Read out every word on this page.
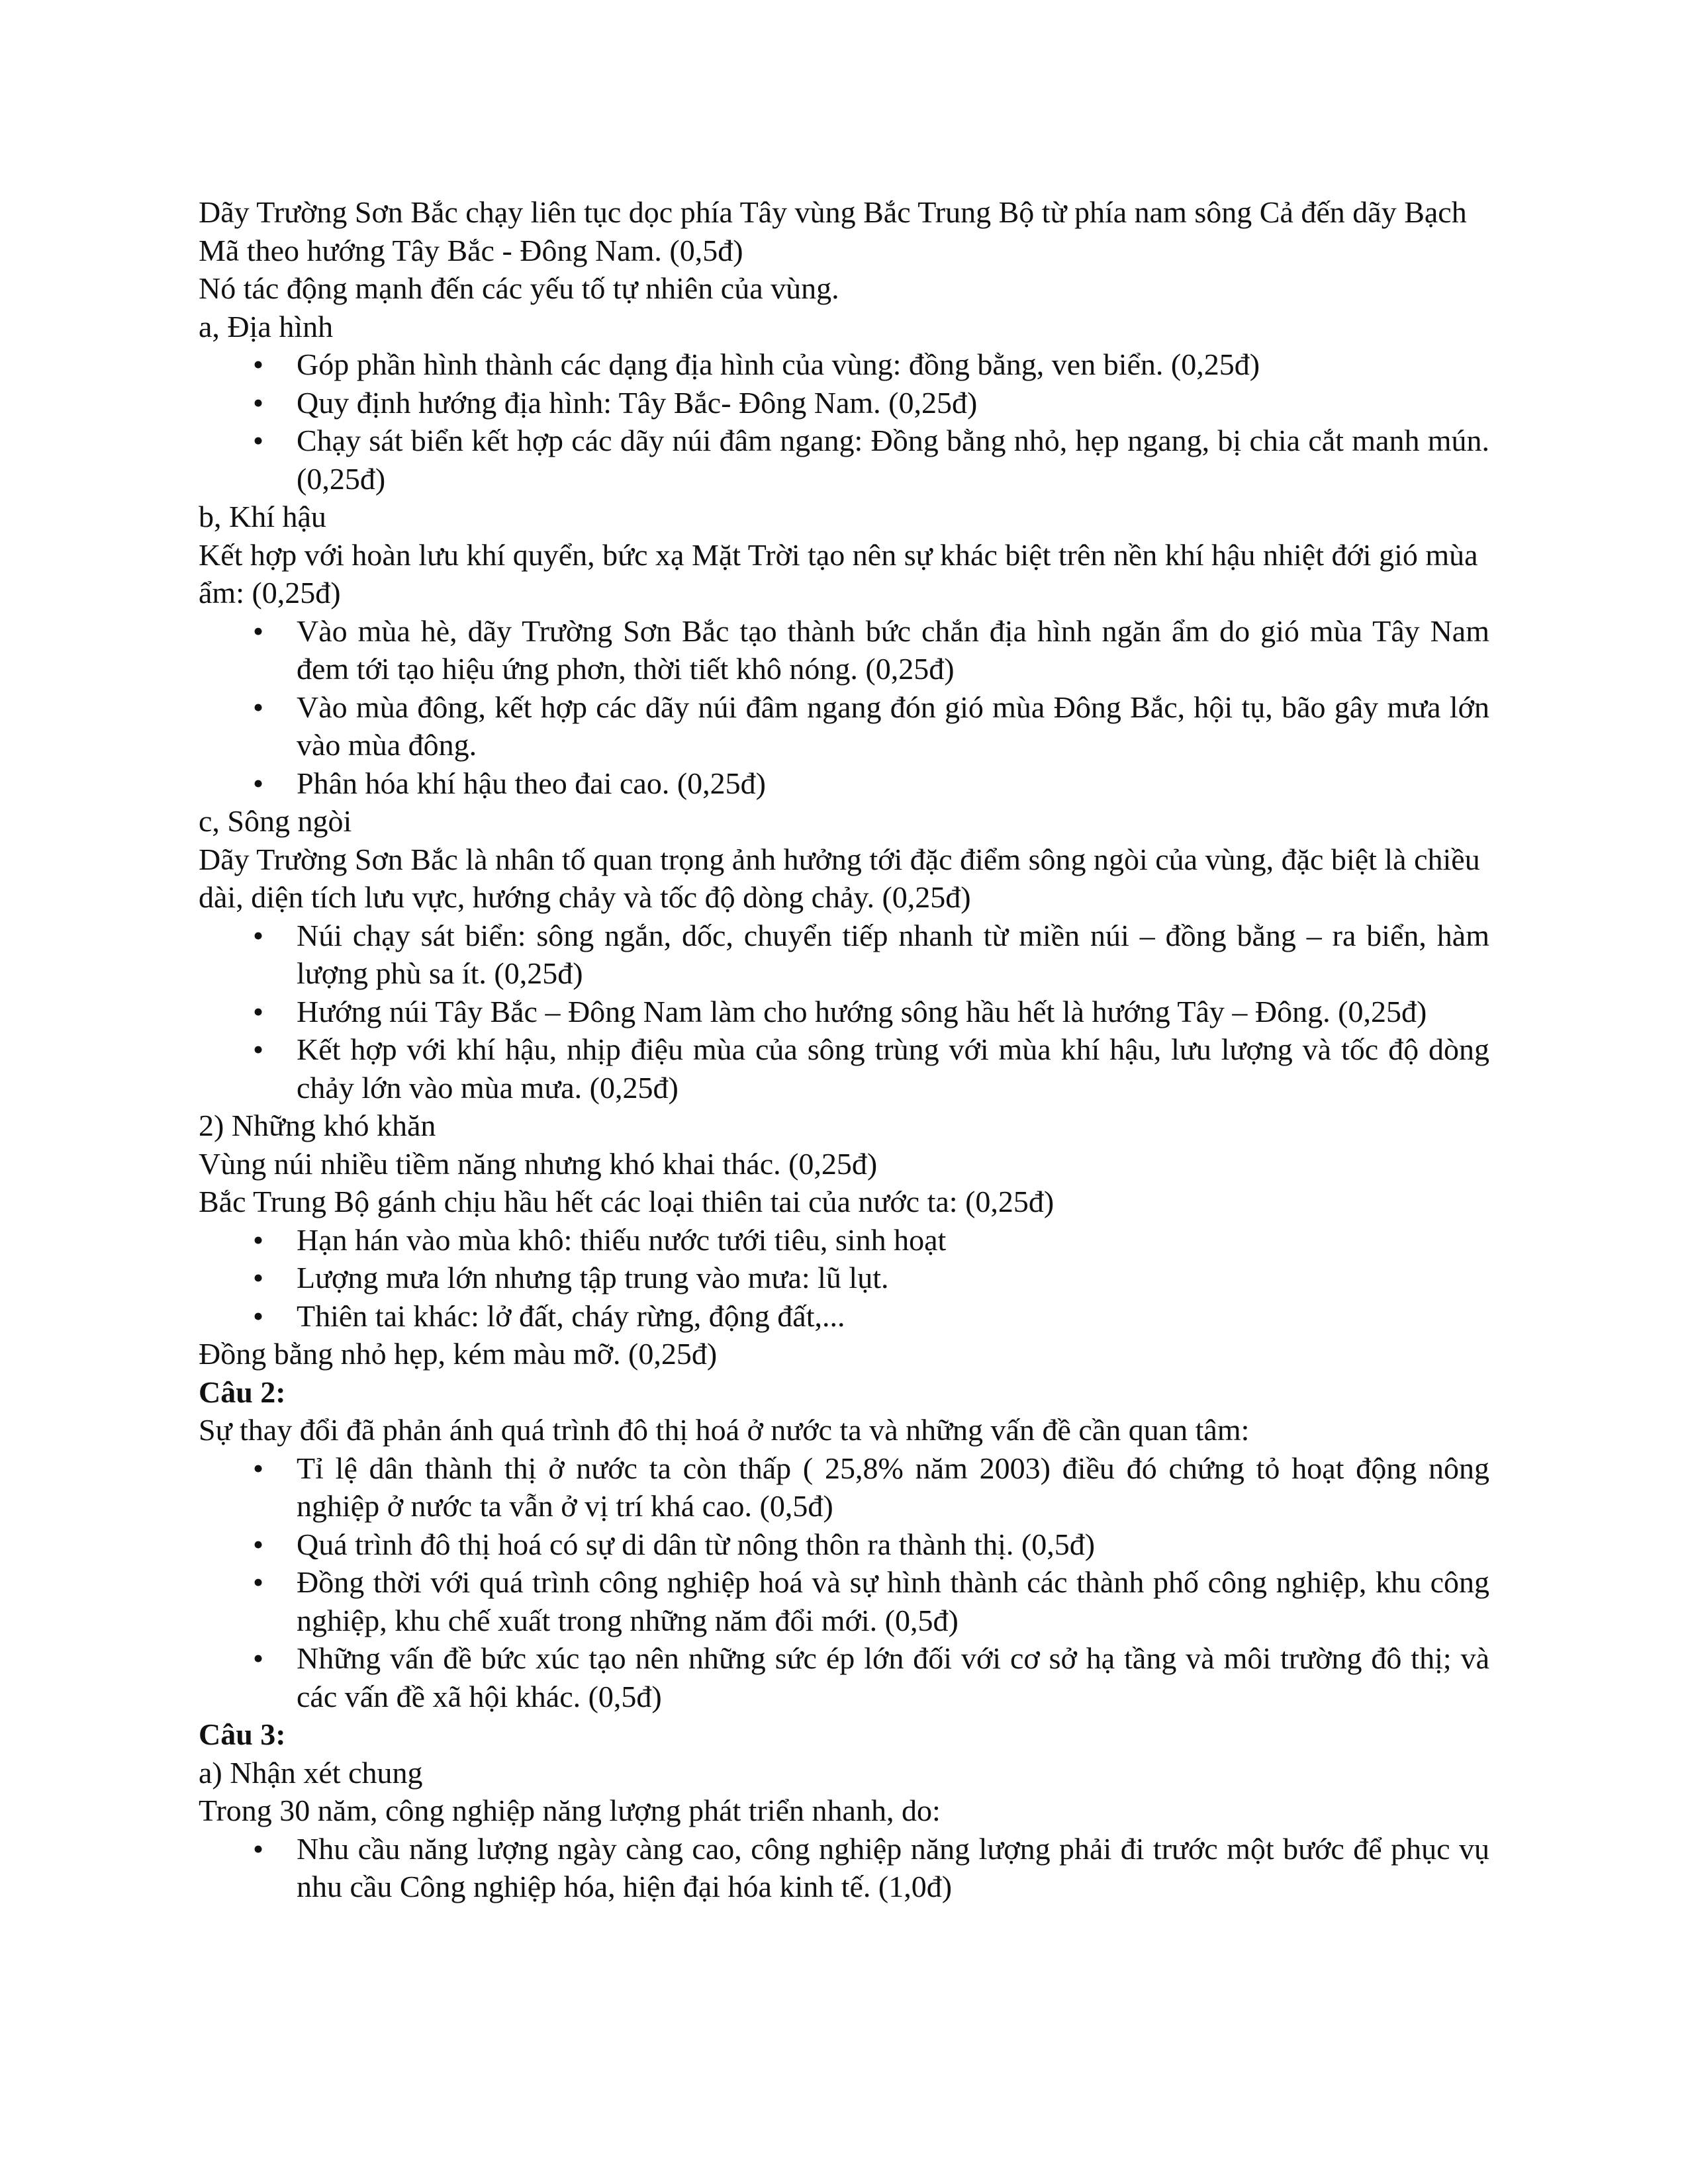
Dãy Trường Sơn Bắc chạy liên tục dọc phía Tây vùng Bắc Trung Bộ từ phía nam sông Cả đến dãy Bạch Mã theo hướng Tây Bắc - Đông Nam. (0,5đ)

Nó tác động mạnh đến các yếu tố tự nhiên của vùng.

a, Địa hình

• Góp phần hình thành các dạng địa hình của vùng: đồng bằng, ven biển. (0,25đ)
• Quy định hướng địa hình: Tây Bắc- Đông Nam. (0,25đ)
• Chạy sát biển kết hợp các dãy núi đâm ngang: Đồng bằng nhỏ, hẹp ngang, bị chia cắt manh mún. (0,25đ)

b, Khí hậu

Kết hợp với hoàn lưu khí quyển, bức xạ Mặt Trời tạo nên sự khác biệt trên nền khí hậu nhiệt đới gió mùa ẩm: (0,25đ)

• Vào mùa hè, dãy Trường Sơn Bắc tạo thành bức chắn địa hình ngăn ẩm do gió mùa Tây Nam đem tới tạo hiệu ứng phơn, thời tiết khô nóng. (0,25đ)
• Vào mùa đông, kết hợp các dãy núi đâm ngang đón gió mùa Đông Bắc, hội tụ, bão gây mưa lớn vào mùa đông.
• Phân hóa khí hậu theo đai cao. (0,25đ)

c, Sông ngòi

Dãy Trường Sơn Bắc là nhân tố quan trọng ảnh hưởng tới đặc điểm sông ngòi của vùng, đặc biệt là chiều dài, diện tích lưu vực, hướng chảy và tốc độ dòng chảy. (0,25đ)

• Núi chạy sát biển: sông ngắn, dốc, chuyển tiếp nhanh từ miền núi – đồng bằng – ra biển, hàm lượng phù sa ít. (0,25đ)
• Hướng núi Tây Bắc – Đông Nam làm cho hướng sông hầu hết là hướng Tây – Đông. (0,25đ)
• Kết hợp với khí hậu, nhịp điệu mùa của sông trùng với mùa khí hậu, lưu lượng và tốc độ dòng chảy lớn vào mùa mưa. (0,25đ)

2) Những khó khăn

Vùng núi nhiều tiềm năng nhưng khó khai thác. (0,25đ)

Bắc Trung Bộ gánh chịu hầu hết các loại thiên tai của nước ta: (0,25đ)

• Hạn hán vào mùa khô: thiếu nước tưới tiêu, sinh hoạt
• Lượng mưa lớn nhưng tập trung vào mưa: lũ lụt.
• Thiên tai khác: lở đất, cháy rừng, động đất,...

Đồng bằng nhỏ hẹp, kém màu mỡ. (0,25đ)

Câu 2:

Sự thay đổi đã phản ánh quá trình đô thị hoá ở nước ta và những vấn đề cần quan tâm:

• Tỉ lệ dân thành thị ở nước ta còn thấp ( 25,8% năm 2003) điều đó chứng tỏ hoạt động nông nghiệp ở nước ta vẫn ở vị trí khá cao. (0,5đ)
• Quá trình đô thị hoá có sự di dân từ nông thôn ra thành thị. (0,5đ)
• Đồng thời với quá trình công nghiệp hoá và sự hình thành các thành phố công nghiệp, khu công nghiệp, khu chế xuất trong những năm đổi mới. (0,5đ)
• Những vấn đề bức xúc tạo nên những sức ép lớn đối với cơ sở hạ tầng và môi trường đô thị; và các vấn đề xã hội khác. (0,5đ)

Câu 3:

a) Nhận xét chung

Trong 30 năm, công nghiệp năng lượng phát triển nhanh, do:

• Nhu cầu năng lượng ngày càng cao, công nghiệp năng lượng phải đi trước một bước để phục vụ nhu cầu Công nghiệp hóa, hiện đại hóa kinh tế. (1,0đ)
